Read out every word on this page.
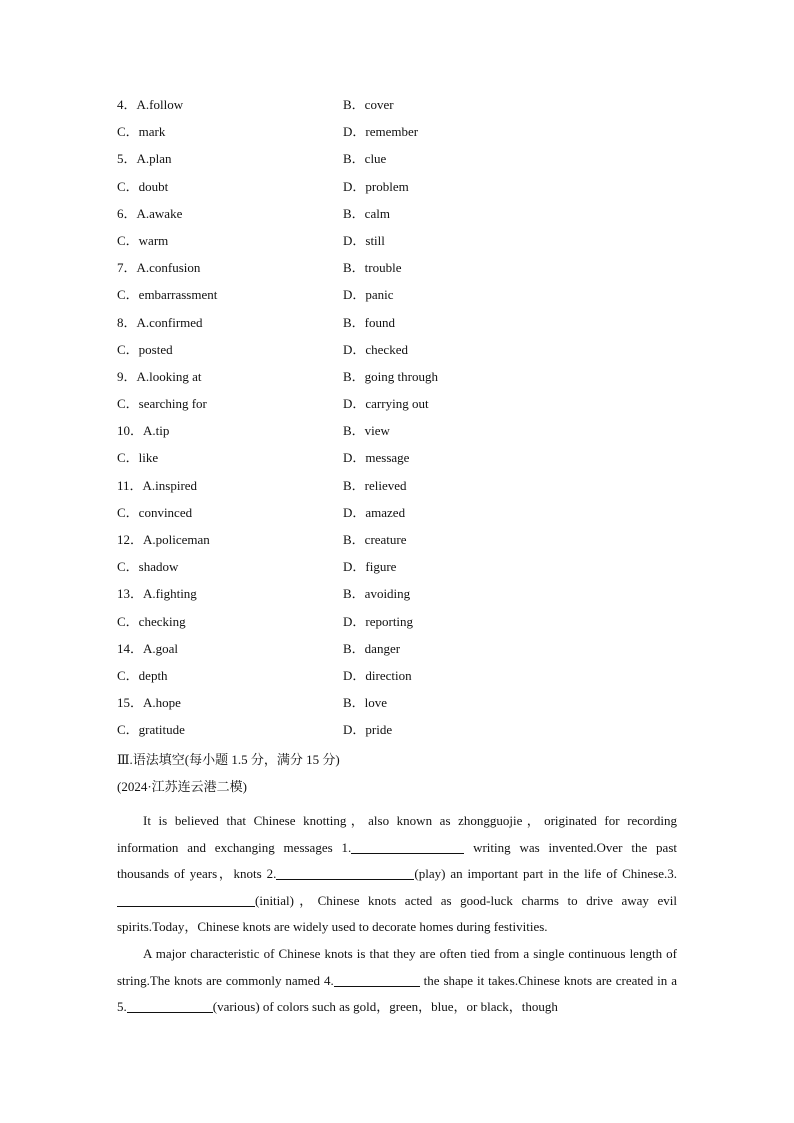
4．A.follow	B．cover
C．mark	D．remember
5．A.plan	B．clue
C．doubt	D．problem
6．A.awake	B．calm
C．warm	D．still
7．A.confusion	B．trouble
C．embarrassment	D．panic
8．A.confirmed	B．found
C．posted	D．checked
9．A.looking at	B．going through
C．searching for	D．carrying out
10．A.tip	B．view
C．like	D．message
11．A.inspired	B．relieved
C．convinced	D．amazed
12．A.policeman	B．creature
C．shadow	D．figure
13．A.fighting	B．avoiding
C．checking	D．reporting
14．A.goal	B．danger
C．depth	D．direction
15．A.hope	B．love
C．gratitude	D．pride
Ⅲ.语法填空(每小题 1.5 分，满分 15 分)
(2024·江苏连云港二模)

It is believed that Chinese knotting，also known as zhongguojie，originated for recording information and exchanging messages 1.	writing was invented.Over the past thousands of years，knots 2.	(play) an important part in the life of Chinese.3.(initial)，Chinese knots acted as good-luck charms to drive away evil spirits.Today，Chinese knots are widely used to decorate homes during festivities.

A major characteristic of Chinese knots is that they are often tied from a single continuous length of string.The knots are commonly named 4.	the shape it takes.Chinese knots are created in a 5.	(various) of colors such as gold，green，blue，or black，though
